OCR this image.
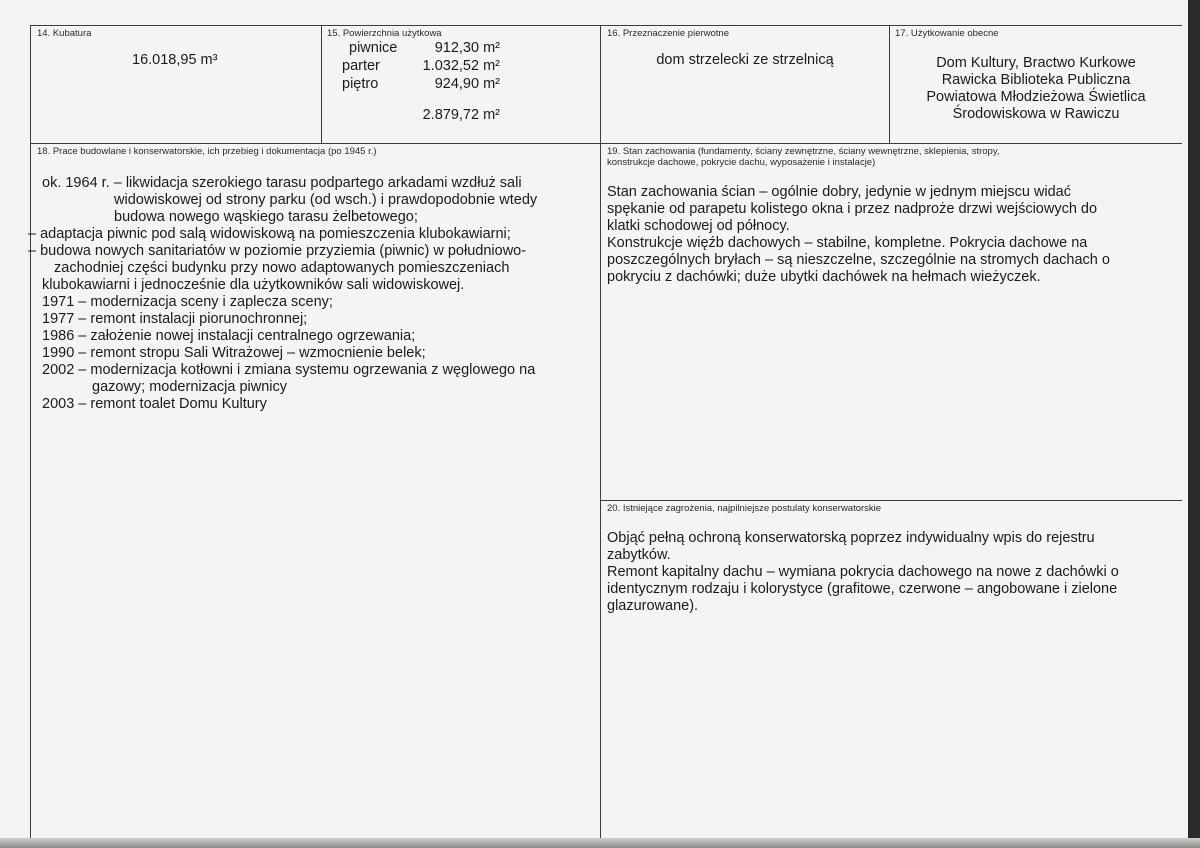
14. Kubatura
16.018,95 m³
15. Powierzchnia użytkowa
piwnice	912,30 m²
parter	1.032,52 m²
piętro	924,90 m²
2.879,72 m²
16. Przeznaczenie pierwotne
dom strzelecki ze strzelnicą
17. Użytkowanie obecne
Dom Kultury, Bractwo Kurkowe
Rawicka Biblioteka Publiczna
Powiatowa Młodzieżowa Świetlica
Środowiskowa w Rawiczu
18. Prace budowlane i konserwatorskie, ich przebieg i dokumentacja (po 1945 r.)
ok. 1964 r. – likwidacja szerokiego tarasu podpartego arkadami wzdłuż sali
widowiskowej od strony parku (od wsch.) i prawdopodobnie wtedy
budowa nowego wąskiego tarasu żelbetowego;
– adaptacja piwnic pod salą widowiskową na pomieszczenia klubokawiarni;
– budowa nowych sanitariatów w poziomie przyziemia (piwnic) w południowo-
zachodniej części budynku przy nowo adaptowanych pomieszczeniach
klubokawiarni i jednocześnie dla użytkowników sali widowiskowej.
1971 – modernizacja sceny i zaplecza sceny;
1977 – remont instalacji piorunochronnej;
1986 – założenie nowej instalacji centralnego ogrzewania;
1990 – remont stropu Sali Witrażowej – wzmocnienie belek;
2002 – modernizacja kotłowni i zmiana systemu ogrzewania z węglowego na
gazowy; modernizacja piwnicy
2003 – remont toalet Domu Kultury
19. Stan zachowania (fundamenty, ściany zewnętrzne, ściany wewnętrzne, sklepienia, stropy,
konstrukcje dachowe, pokrycie dachu, wyposażenie i instalacje)
Stan zachowania ścian – ogólnie dobry, jedynie w jednym miejscu widać
spękanie od parapetu kolistego okna i przez nadproże drzwi wejściowych do
klatki schodowej od północy.
Konstrukcje więźb dachowych – stabilne, kompletne. Pokrycia dachowe na
poszczególnych bryłach – są nieszczelne, szczególnie na stromych dachach o
pokryciu z dachówki; duże ubytki dachówek na hełmach wieżyczek.
20. Istniejące zagrożenia, najpilniejsze postulaty konserwatorskie
Objąć pełną ochroną konserwatorską poprzez indywidualny wpis do rejestru
zabytków.
Remont kapitalny dachu – wymiana pokrycia dachowego na nowe z dachówki o
identycznym rodzaju i kolorystyce (grafitowe, czerwone – angobowane i zielone
glazurowane).
